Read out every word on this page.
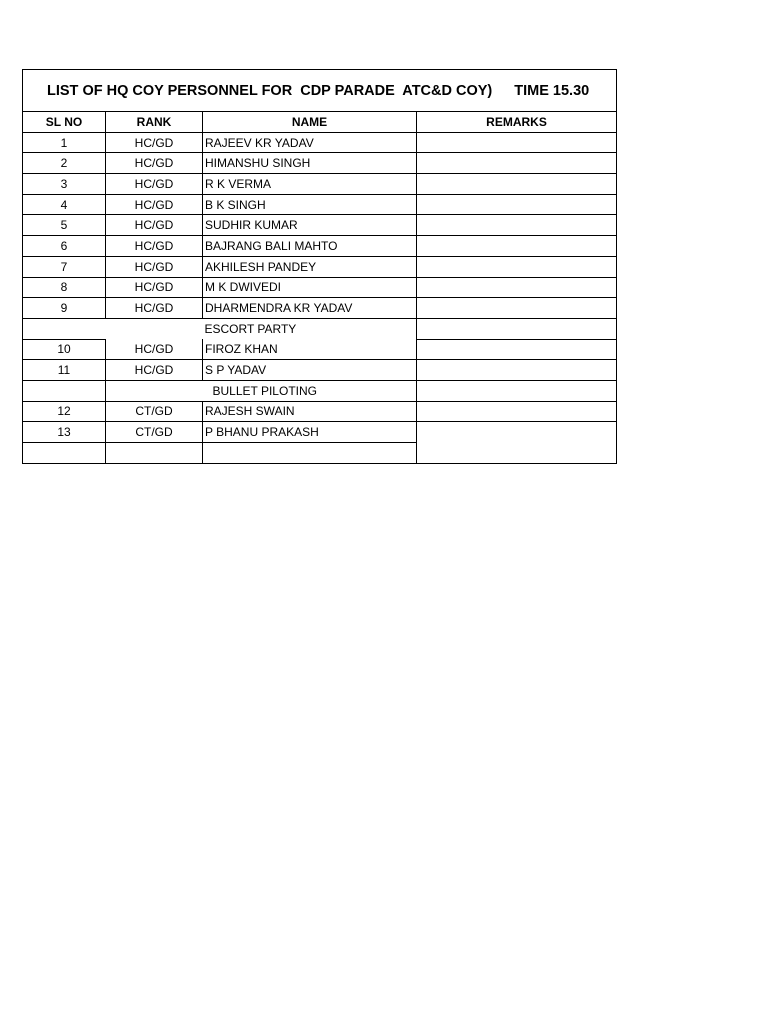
LIST OF HQ COY PERSONNEL FOR  CDP PARADE  ATC&D COY) TIME 15.30
SL NO	RANK	NAME	REMARKS
1	HC/GD	RAJEEV KR YADAV	
2	HC/GD	HIMANSHU SINGH	
3	HC/GD	R K VERMA	
4	HC/GD	B K SINGH	
5	HC/GD	SUDHIR KUMAR	
6	HC/GD	BAJRANG BALI MAHTO	
7	HC/GD	AKHILESH PANDEY	
8	HC/GD	M K DWIVEDI	
9	HC/GD	DHARMENDRA KR YADAV	
		ESCORT PARTY	
10	HC/GD	FIROZ KHAN	
11	HC/GD	S P YADAV	
		BULLET PILOTING	
12	CT/GD	RAJESH SWAIN	
13	CT/GD	P BHANU PRAKASH	
